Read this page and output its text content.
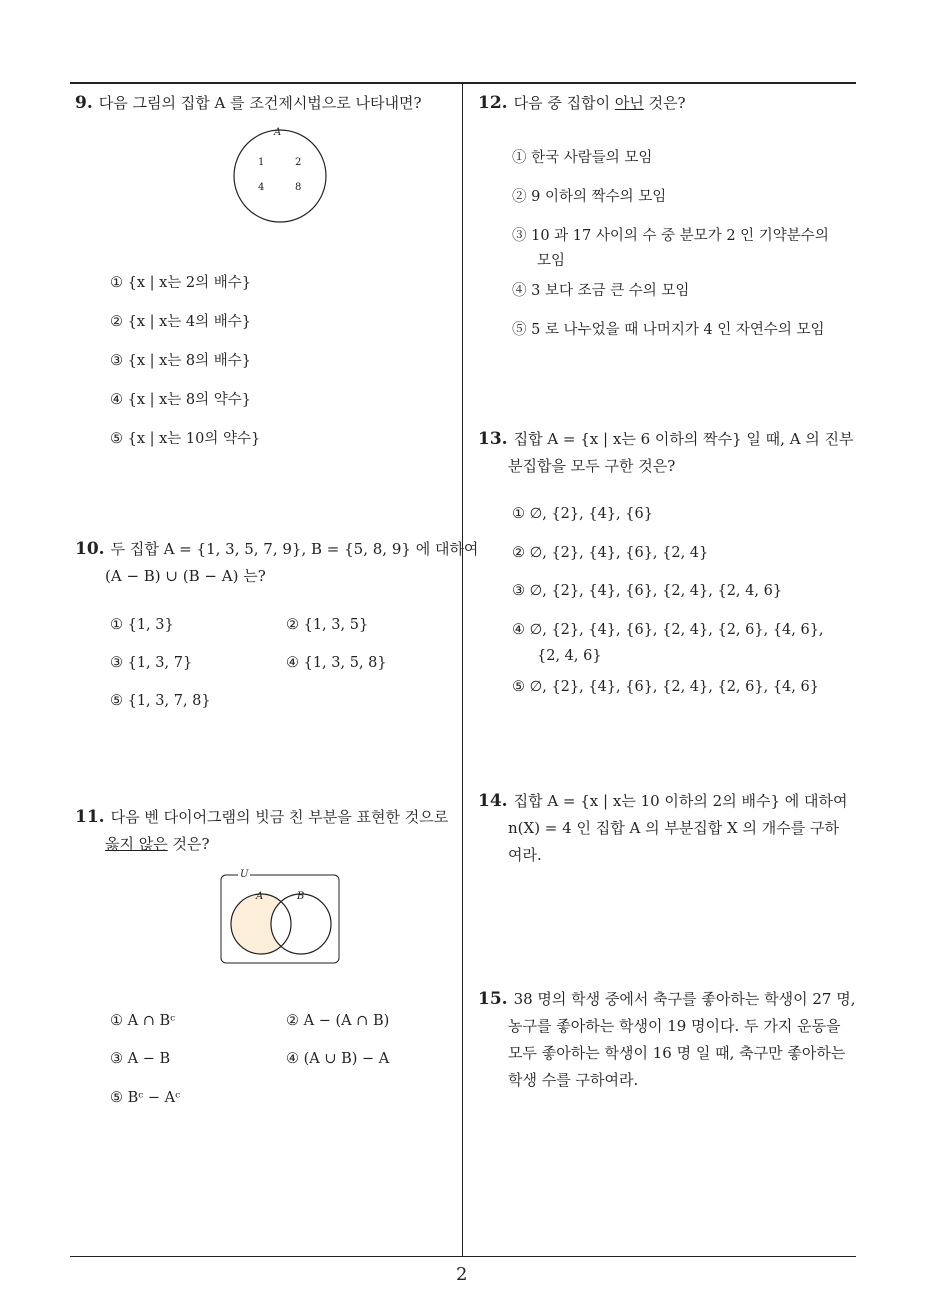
9. 다음 그림의 집합 A 를 조건제시법으로 나타내면?
A
1	2
4	8
① {x | x는 2의 배수}
② {x | x는 4의 배수}
③ {x | x는 8의 배수}
④ {x | x는 8의 약수}
⑤ {x | x는 10의 약수}
10. 두 집합 A = {1, 3, 5, 7, 9}, B = {5, 8, 9} 에 대하여
(A − B) ∪ (B − A) 는?
① {1, 3}	② {1, 3, 5}
③ {1, 3, 7}	④ {1, 3, 5, 8}
⑤ {1, 3, 7, 8}
11. 다음 벤 다이어그램의 빗금 친 부분을 표현한 것으로
옳지 않은 것은?
U
A	B
① A ∩ Bᶜ	② A − (A ∩ B)
③ A − B	④ (A ∪ B) − A
⑤ Bᶜ − Aᶜ
12. 다음 중 집합이 아닌 것은?
① 한국 사람들의 모임
② 9 이하의 짝수의 모임
③ 10 과 17 사이의 수 중 분모가 2 인 기약분수의
모임
④ 3 보다 조금 큰 수의 모임
⑤ 5 로 나누었을 때 나머지가 4 인 자연수의 모임
13. 집합 A = {x | x는 6 이하의 짝수} 일 때, A 의 진부
분집합을 모두 구한 것은?
① ∅, {2}, {4}, {6}
② ∅, {2}, {4}, {6}, {2, 4}
③ ∅, {2}, {4}, {6}, {2, 4}, {2, 4, 6}
④ ∅, {2}, {4}, {6}, {2, 4}, {2, 6}, {4, 6},
{2, 4, 6}
⑤ ∅, {2}, {4}, {6}, {2, 4}, {2, 6}, {4, 6}
14. 집합 A = {x | x는 10 이하의 2의 배수} 에 대하여
n(X) = 4 인 집합 A 의 부분집합 X 의 개수를 구하
여라.
15. 38 명의 학생 중에서 축구를 좋아하는 학생이 27 명,
농구를 좋아하는 학생이 19 명이다. 두 가지 운동을
모두 좋아하는 학생이 16 명 일 때, 축구만 좋아하는
학생 수를 구하여라.
2
